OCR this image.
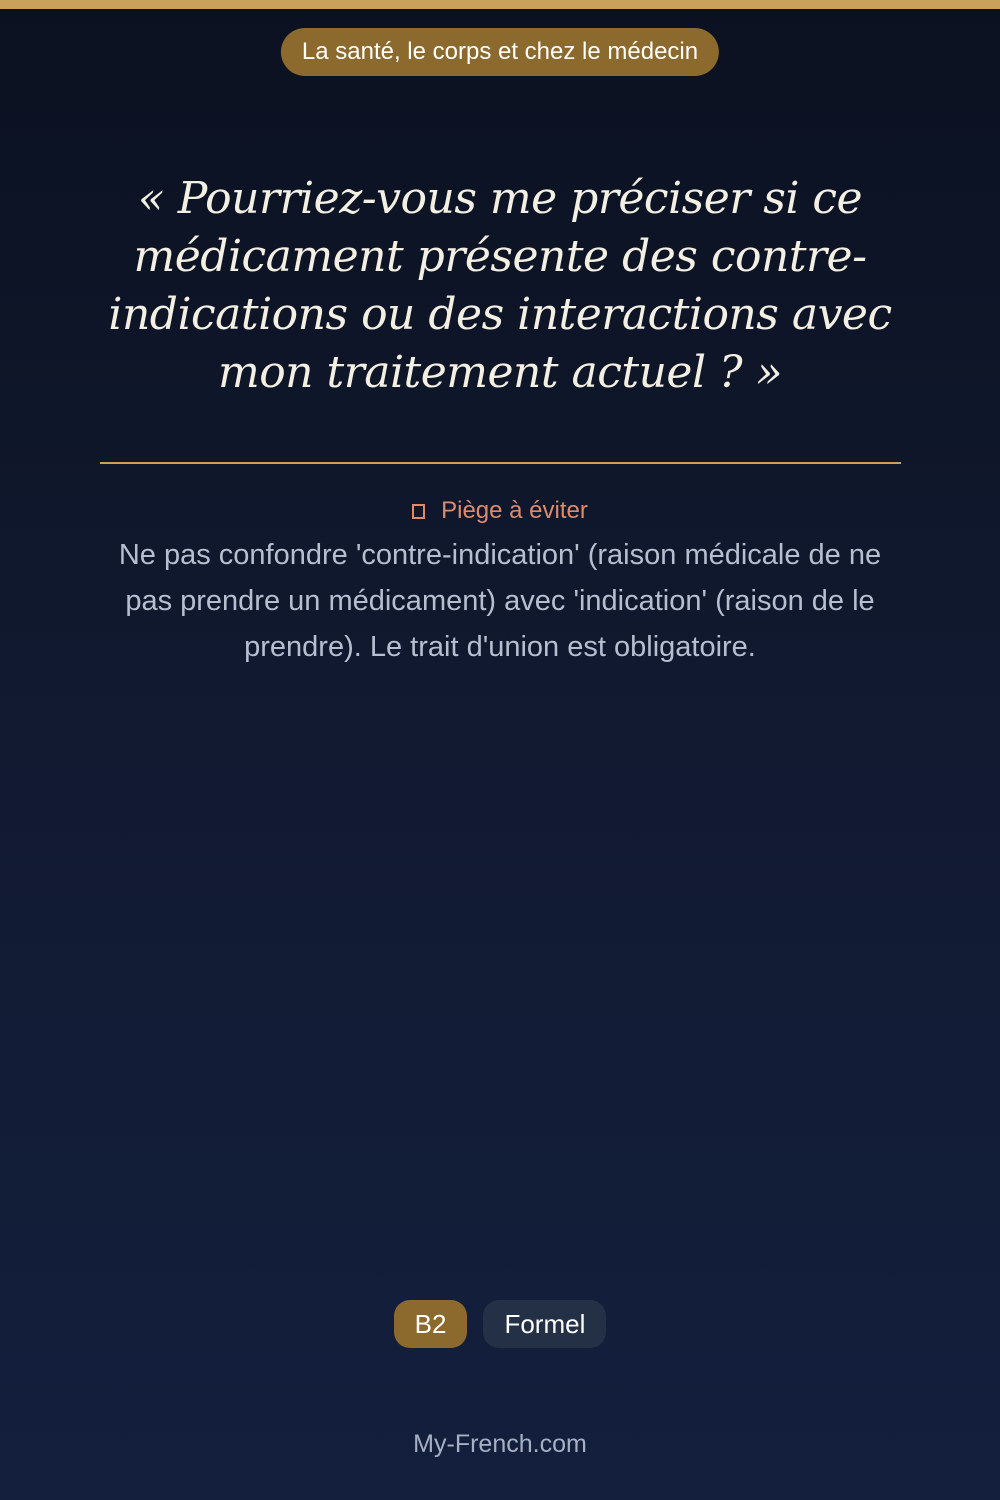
La santé, le corps et chez le médecin
« Pourriez-vous me préciser si ce médicament présente des contre-indications ou des interactions avec mon traitement actuel ? »
Piège à éviter

Ne pas confondre 'contre-indication' (raison médicale de ne pas prendre un médicament) avec 'indication' (raison de le prendre). Le trait d'union est obligatoire.

B2	Formel
My-French.com
